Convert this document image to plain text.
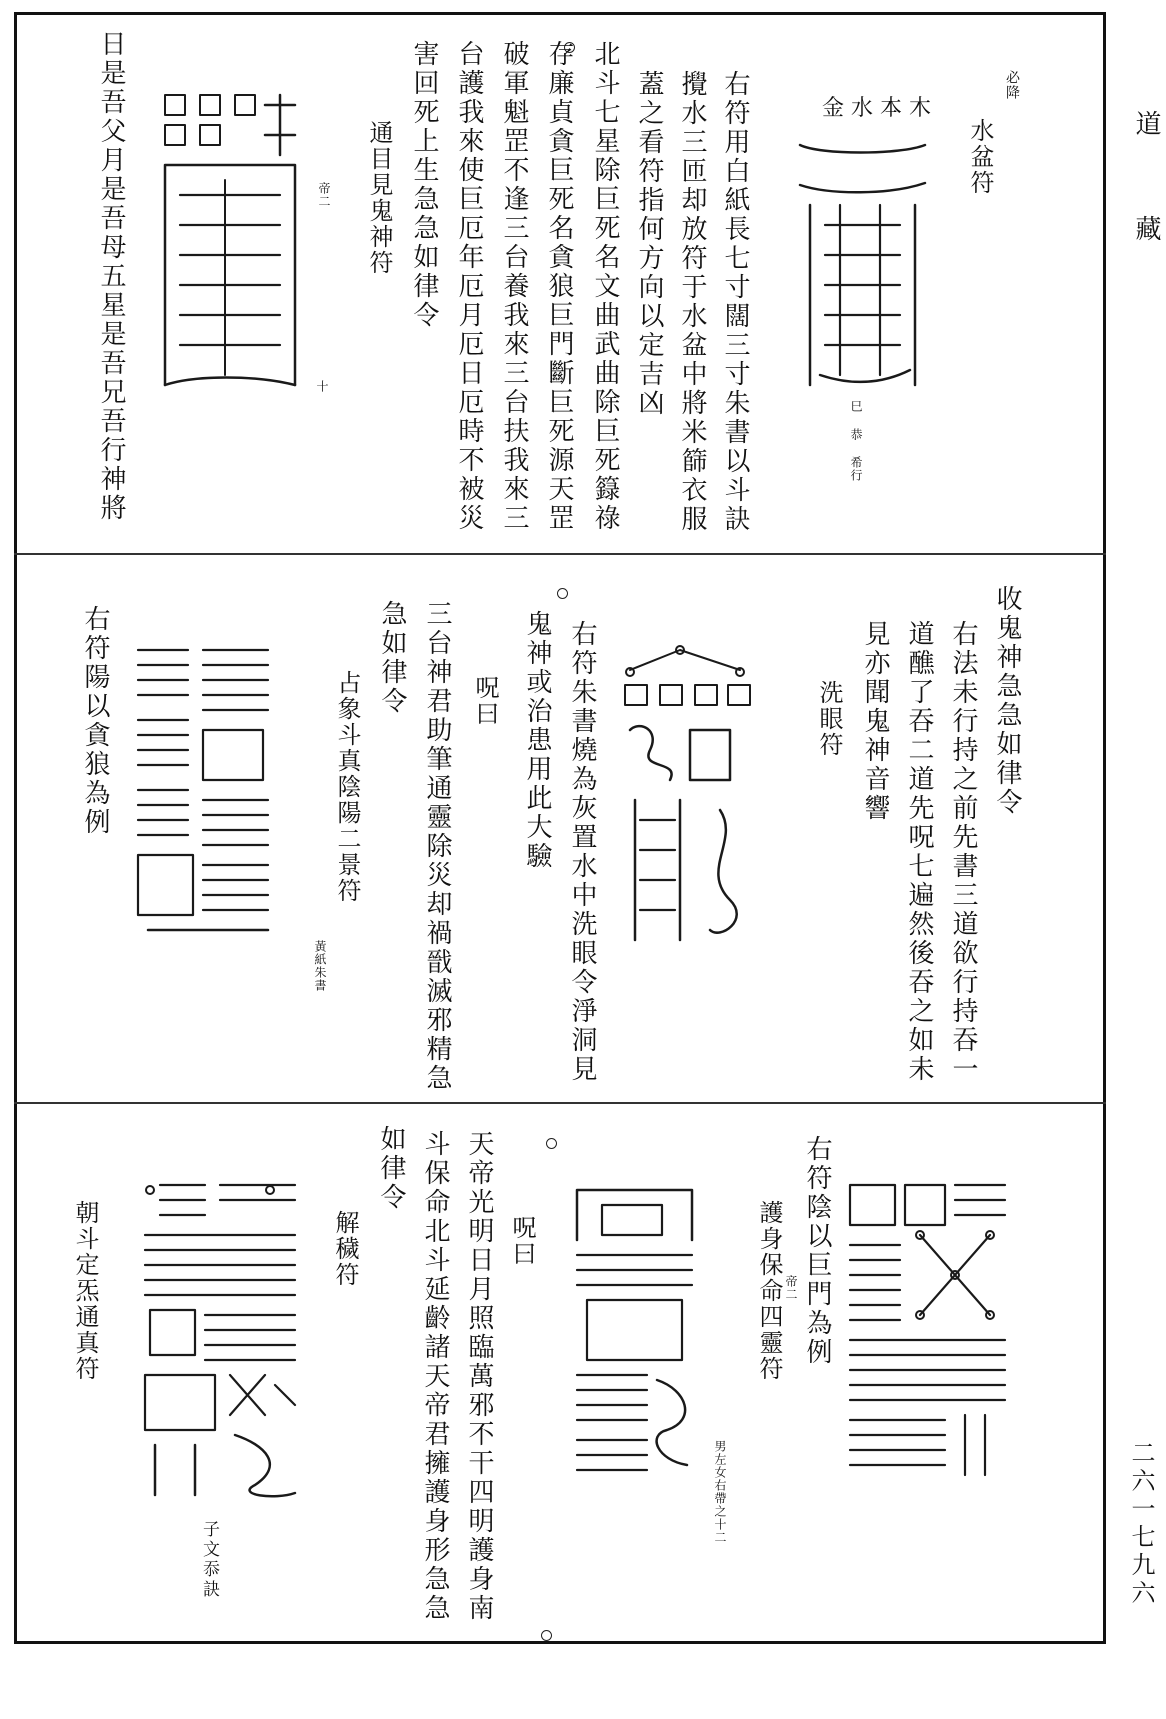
道
藏
二六一七九六
必降
水盆符
金 水 本 木
巳 恭 希行
右符用白紙長七寸闊三寸朱書以斗訣
攪水三匝却放符于水盆中將米篩衣服
蓋之看符指何方向以定吉凶
北斗七星除巨死名文曲武曲除巨死籙祿
存廉貞貪巨死名貪狼巨門斷巨死源天罡
破軍魁罡不逢三台養我來三台扶我來三
台護我來使巨厄年厄月厄日厄時不被災
害回死上生急急如律令
通目見鬼神符
帝二
十
日是吾父月是吾母五星是吾兄吾行神將
收鬼神急急如律令
右法未行持之前先書三道欲行持吞一
道醮了吞二道先呪七遍然後吞之如未
見亦聞鬼神音響
洗眼符
右符朱書燒為灰置水中洗眼令淨洞見
鬼神或治患用此大驗
呪曰
三台神君助筆通靈除災却禍戩滅邪精急
急如律令
占象斗真陰陽二景符
黃紙朱書
右符陽以貪狼為例
右符陰以巨門為例
護身保命四靈符 帝二
男左女右帶之十二
呪曰
天帝光明日月照臨萬邪不干四明護身南
斗保命北斗延齡諸天帝君擁護身形急急
如律令
解穢符
子文忝訣
朝斗定炁通真符
